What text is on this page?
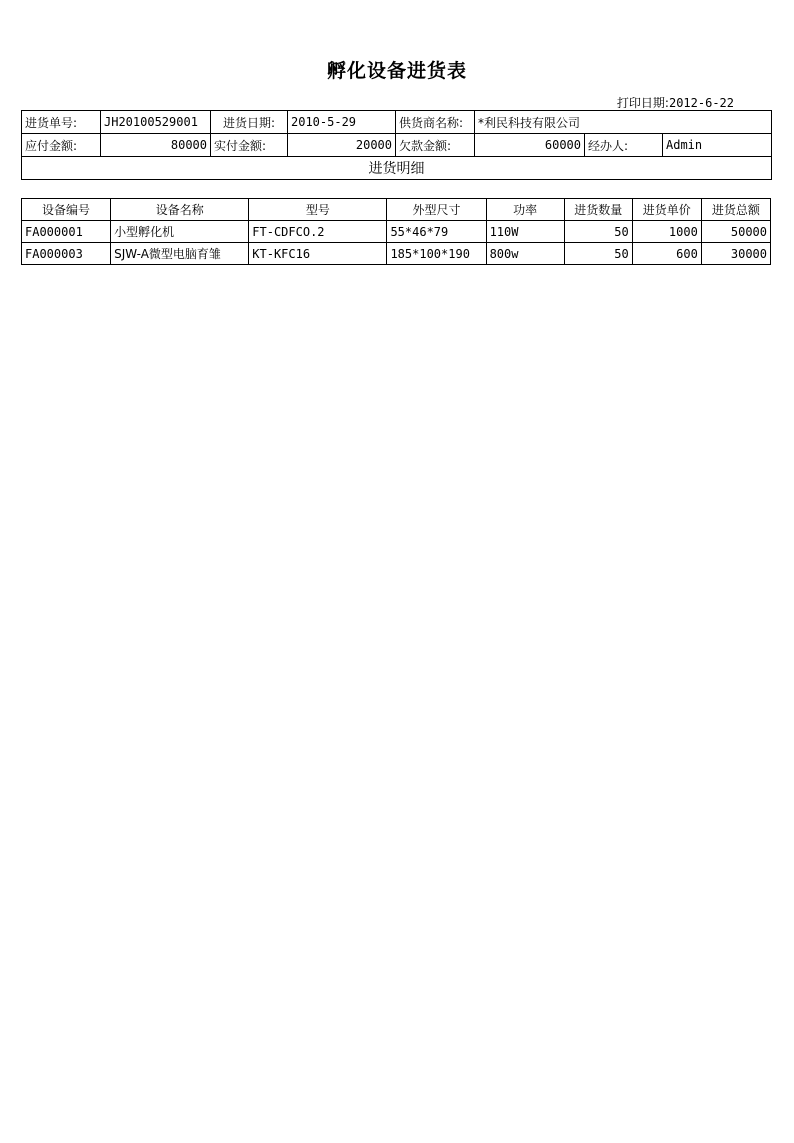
孵化设备进货表
打印日期:2012-6-22
进货单号:	JH20100529001	进货日期:	2010-5-29	供货商名称:	*利民科技有限公司		
应付金额:	80000	实付金额:	20000	欠款金额:	60000	经办人:	Admin
进货明细							
设备编号	设备名称	型号	外型尺寸	功率	进货数量	进货单价	进货总额
FA000001	小型孵化机	FT-CDFCO.2	55*46*79	110W	50	1000	50000
FA000003	SJW-A微型电脑育雏	KT-KFC16	185*100*190	800w	50	600	30000
